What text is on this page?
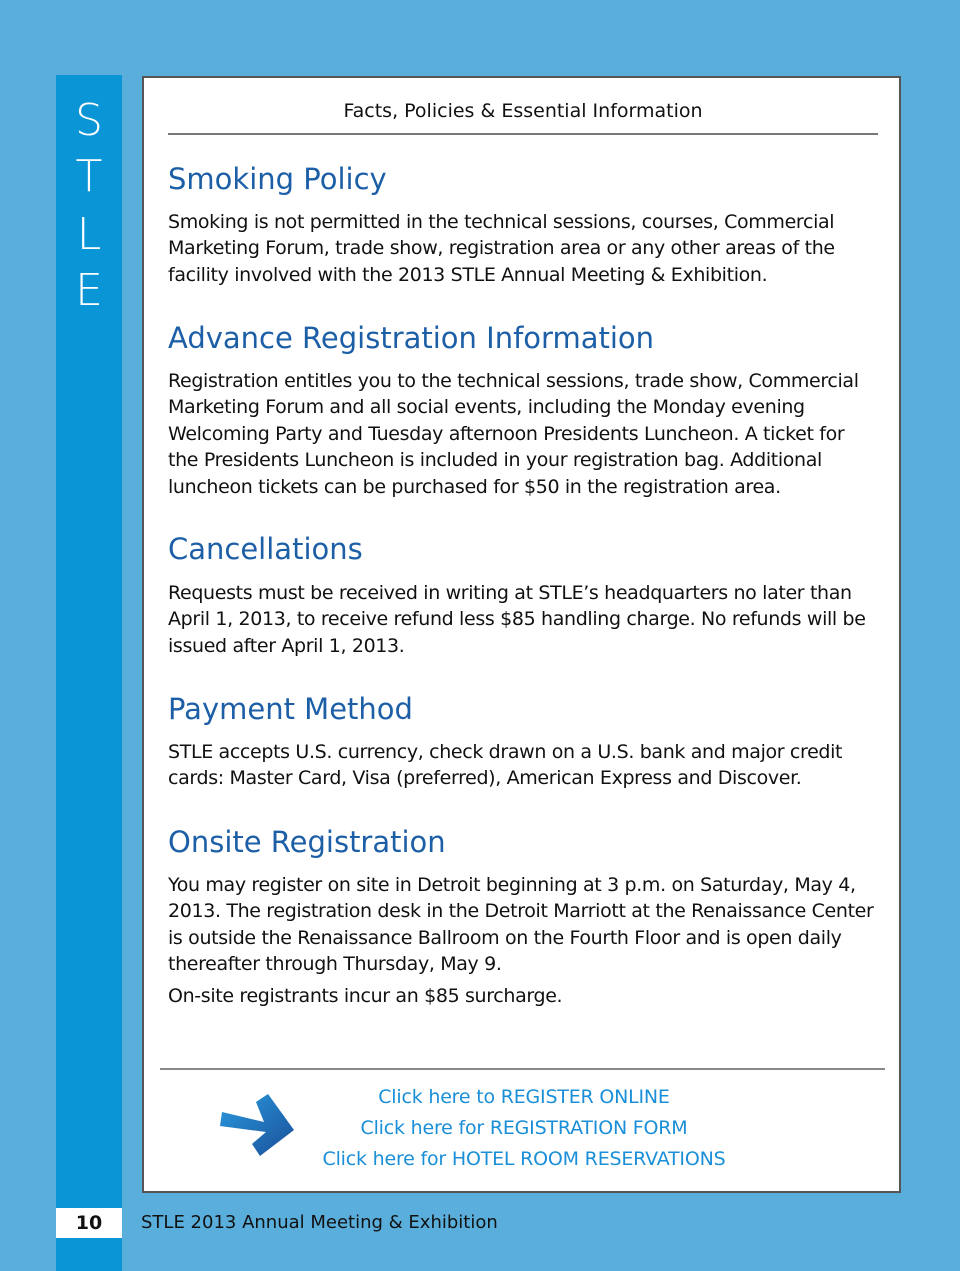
S
T
L
E
10	STLE 2013 Annual Meeting & Exhibition
Facts, Policies & Essential Information
Smoking Policy

Smoking is not permitted in the technical sessions, courses, Commercial Marketing Forum, trade show, registration area or any other areas of the facility involved with the 2013 STLE Annual Meeting & Exhibition.

Advance Registration Information

Registration entitles you to the technical sessions, trade show, Commercial Marketing Forum and all social events, including the Monday evening Welcoming Party and Tuesday afternoon Presidents Luncheon. A ticket for the Presidents Luncheon is included in your registration bag. Additional luncheon tickets can be purchased for $50 in the registration area.

Cancellations

Requests must be received in writing at STLE’s headquarters no later than April 1, 2013, to receive refund less $85 handling charge. No refunds will be issued after April 1, 2013.

Payment Method

STLE accepts U.S. currency, check drawn on a U.S. bank and major credit cards: Master Card, Visa (preferred), American Express and Discover.

Onsite Registration

You may register on site in Detroit beginning at 3 p.m. on Saturday, May 4, 2013. The registration desk in the Detroit Marriott at the Renaissance Center is outside the Renaissance Ballroom on the Fourth Floor and is open daily thereafter through Thursday, May 9.

On-site registrants incur an $85 surcharge.

Click here to REGISTER ONLINE
Click here for REGISTRATION FORM
Click here for HOTEL ROOM RESERVATIONS
